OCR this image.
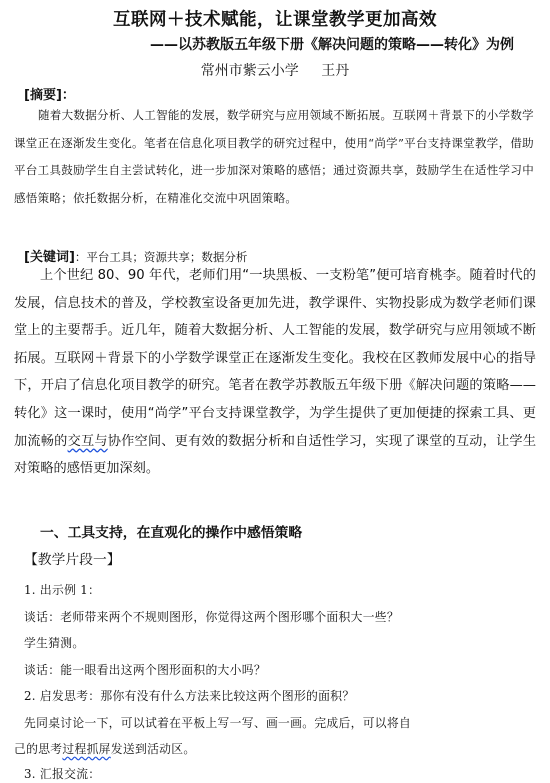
互联网＋技术赋能，让课堂教学更加高效
——以苏教版五年级下册《解决问题的策略——转化》为例
常州市紫云小学 王丹
[摘要]：
随着大数据分析、人工智能的发展，数学研究与应用领域不断拓展。互联网＋背景下的小学数学课堂正在逐渐发生变化。笔者在信息化项目教学的研究过程中，使用“尚学”平台支持课堂教学，借助平台工具鼓励学生自主尝试转化，进一步加深对策略的感悟；通过资源共享，鼓励学生在适性学习中感悟策略；依托数据分析，在精准化交流中巩固策略。
[关键词]：平台工具；资源共享；数据分析
上个世纪 80、90 年代，老师们用“一块黑板、一支粉笔”便可培育桃李。随着时代的发展，信息技术的普及，学校教室设备更加先进，教学课件、实物投影成为数学老师们课堂上的主要帮手。近几年，随着大数据分析、人工智能的发展，数学研究与应用领域不断拓展。互联网＋背景下的小学数学课堂正在逐渐发生变化。我校在区教师发展中心的指导下，开启了信息化项目教学的研究。笔者在教学苏教版五年级下册《解决问题的策略——转化》这一课时，使用“尚学”平台支持课堂教学，为学生提供了更加便捷的探索工具、更加流畅的交互与协作空间、更有效的数据分析和自适性学习，实现了课堂的互动，让学生对策略的感悟更加深刻。
一、工具支持，在直观化的操作中感悟策略
【教学片段一】
1. 出示例 1：
谈话：老师带来两个不规则图形，你觉得这两个图形哪个面积大一些？
学生猜测。
谈话：能一眼看出这两个图形面积的大小吗？
2. 启发思考：那你有没有什么方法来比较这两个图形的面积？
先同桌讨论一下，可以试着在平板上写一写、画一画。完成后，可以将自
己的思考过程抓屏发送到活动区。
3. 汇报交流：
